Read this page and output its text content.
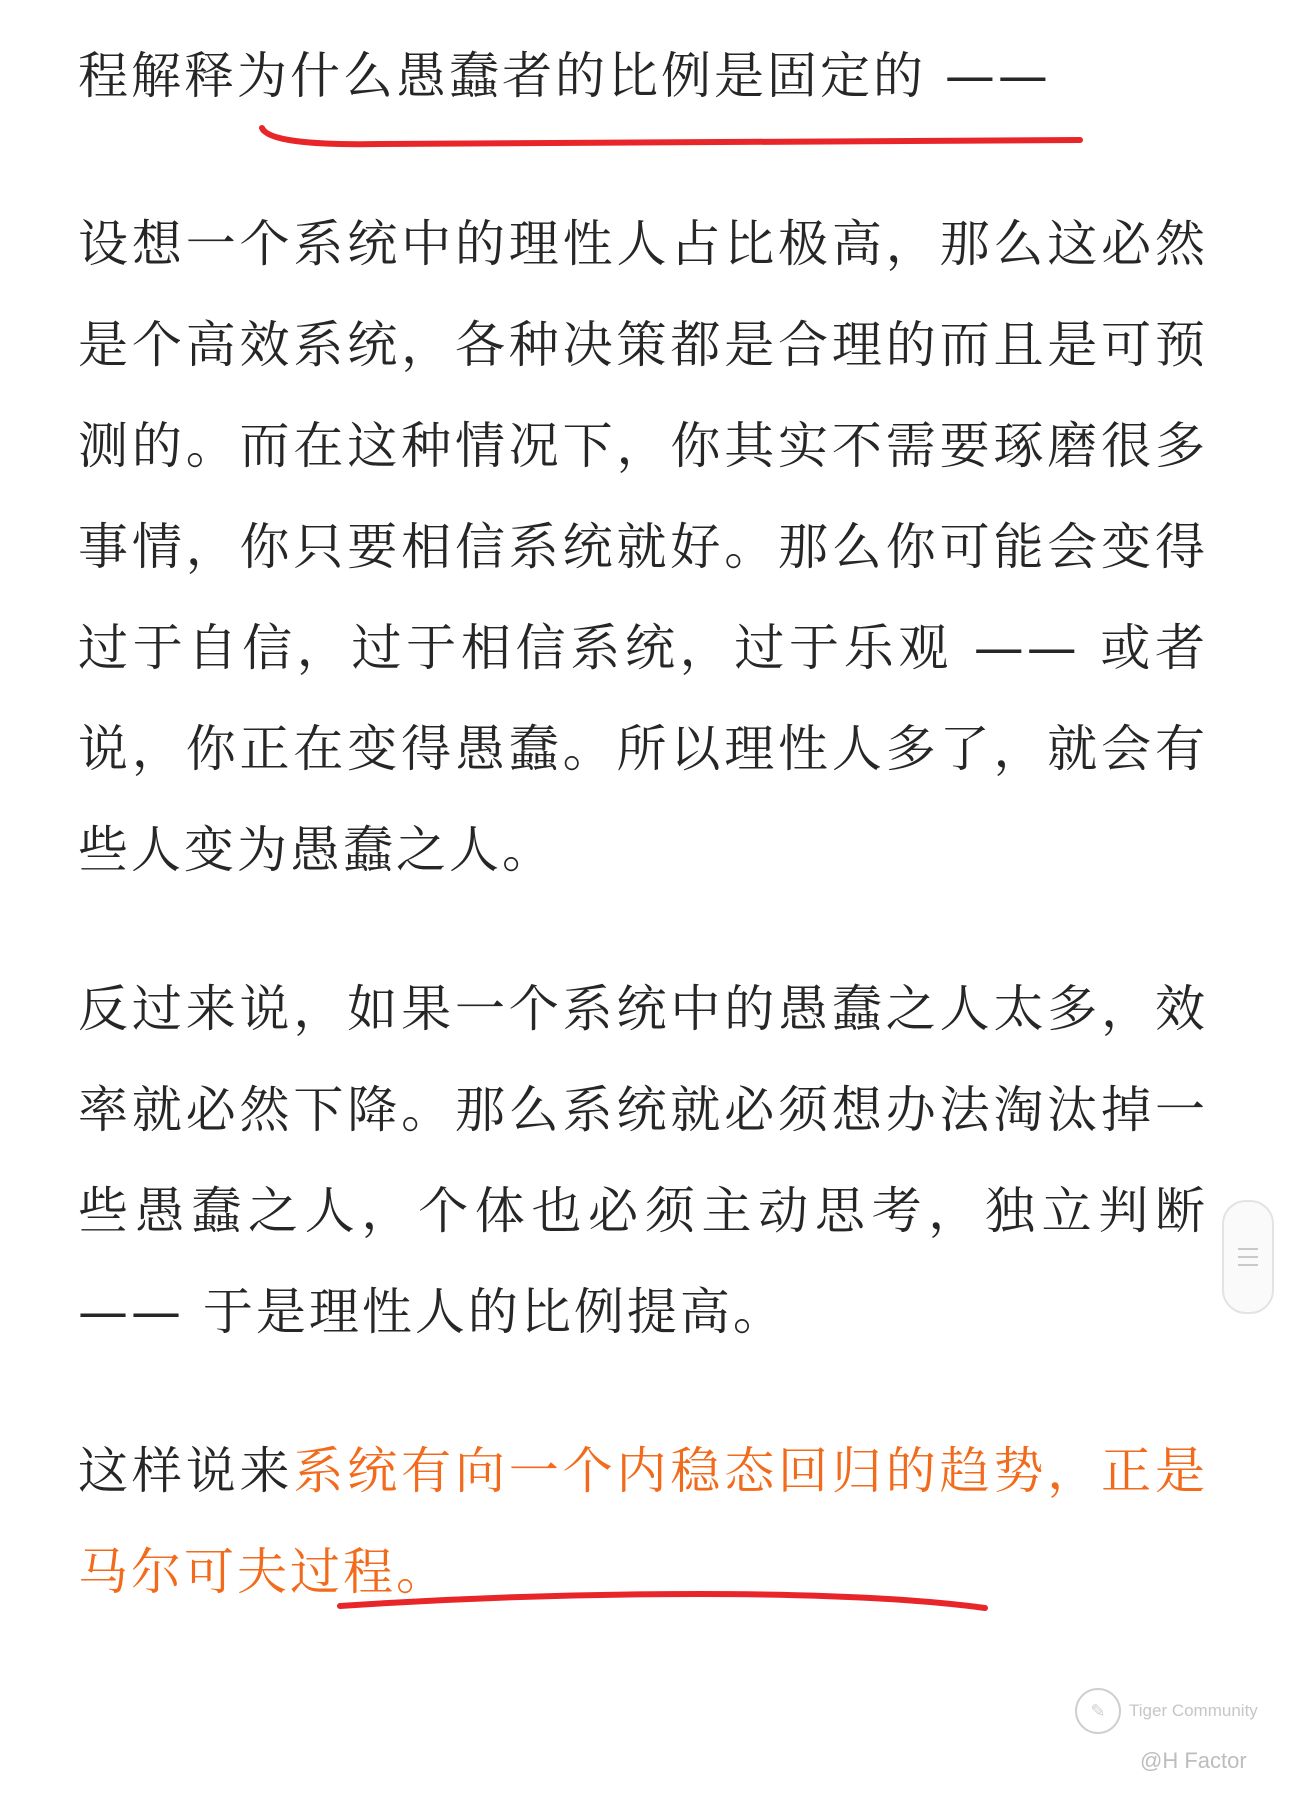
程解释为什么愚蠢者的比例是固定的 ——

设想一个系统中的理性人占比极高，那么这必然是个高效系统，各种决策都是合理的而且是可预测的。而在这种情况下，你其实不需要琢磨很多事情，你只要相信系统就好。那么你可能会变得过于自信，过于相信系统，过于乐观 —— 或者说，你正在变得愚蠢。所以理性人多了，就会有些人变为愚蠢之人。

反过来说，如果一个系统中的愚蠢之人太多，效率就必然下降。那么系统就必须想办法淘汰掉一些愚蠢之人，个体也必须主动思考，独立判断 —— 于是理性人的比例提高。

这样说来系统有向一个内稳态回归的趋势，正是马尔可夫过程。

✎	Tiger Community
@H Factor
